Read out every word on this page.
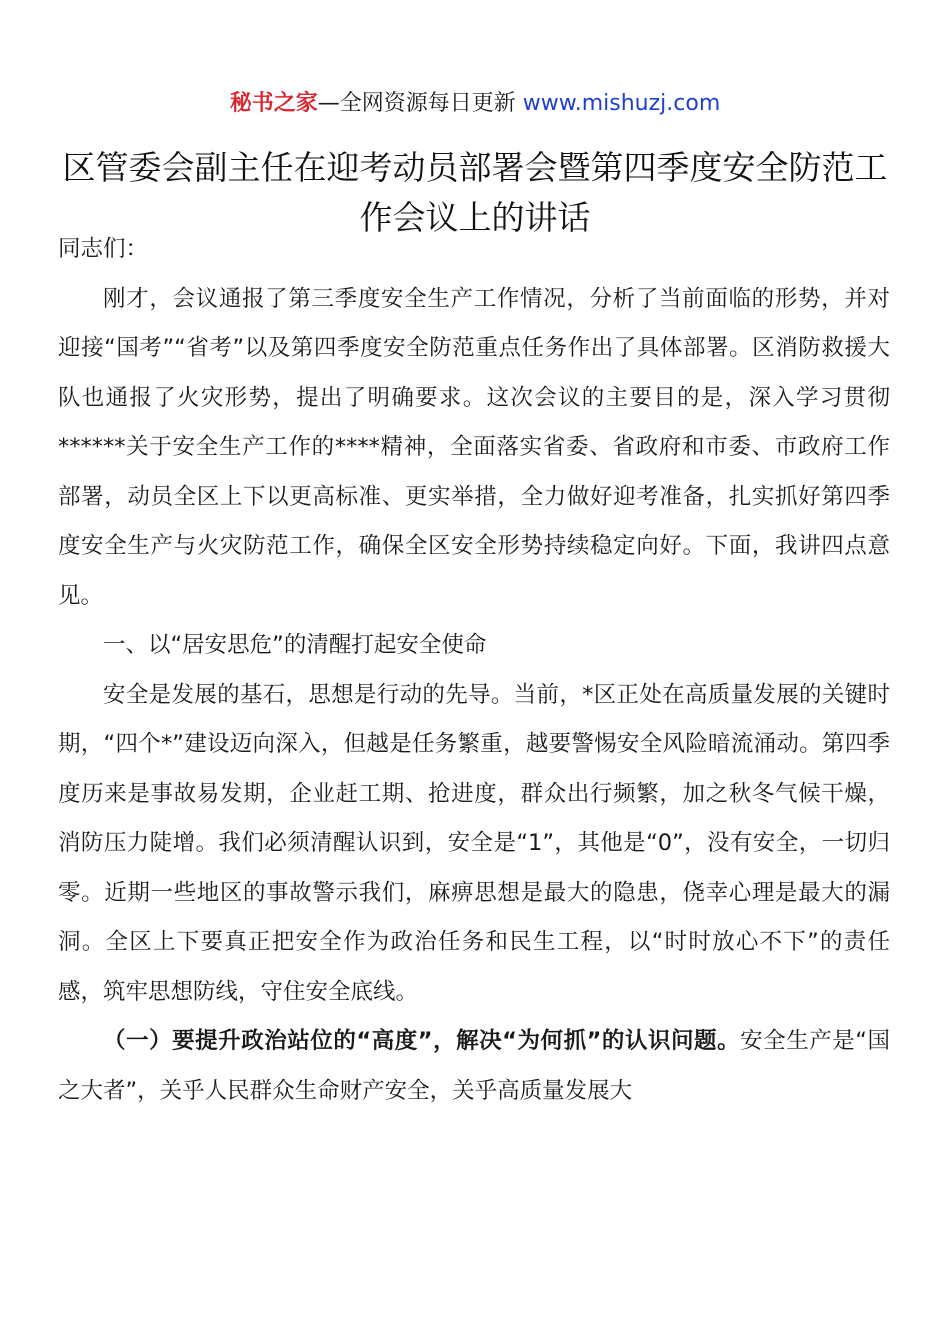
秘书之家—全网资源每日更新 www.mishuzj.com
区管委会副主任在迎考动员部署会暨第四季度安全防范工作会议上的讲话

同志们：

刚才，会议通报了第三季度安全生产工作情况，分析了当前面临的形势，并对迎接“国考”“省考”以及第四季度安全防范重点任务作出了具体部署。区消防救援大队也通报了火灾形势，提出了明确要求。这次会议的主要目的是，深入学习贯彻******关于安全生产工作的****精神，全面落实省委、省政府和市委、市政府工作部署，动员全区上下以更高标准、更实举措，全力做好迎考准备，扎实抓好第四季度安全生产与火灾防范工作，确保全区安全形势持续稳定向好。下面，我讲四点意见。

一、以“居安思危”的清醒打起安全使命

安全是发展的基石，思想是行动的先导。当前，*区正处在高质量发展的关键时期，“四个*”建设迈向深入，但越是任务繁重，越要警惕安全风险暗流涌动。第四季度历来是事故易发期，企业赶工期、抢进度，群众出行频繁，加之秋冬气候干燥，消防压力陡增。我们必须清醒认识到，安全是“1”，其他是“0”，没有安全，一切归零。近期一些地区的事故警示我们，麻痹思想是最大的隐患，侥幸心理是最大的漏洞。全区上下要真正把安全作为政治任务和民生工程，以“时时放心不下”的责任感，筑牢思想防线，守住安全底线。

（一）要提升政治站位的“高度”，解决“为何抓”的认识问题。安全生产是“国之大者”，关乎人民群众生命财产安全，关乎高质量发展大
